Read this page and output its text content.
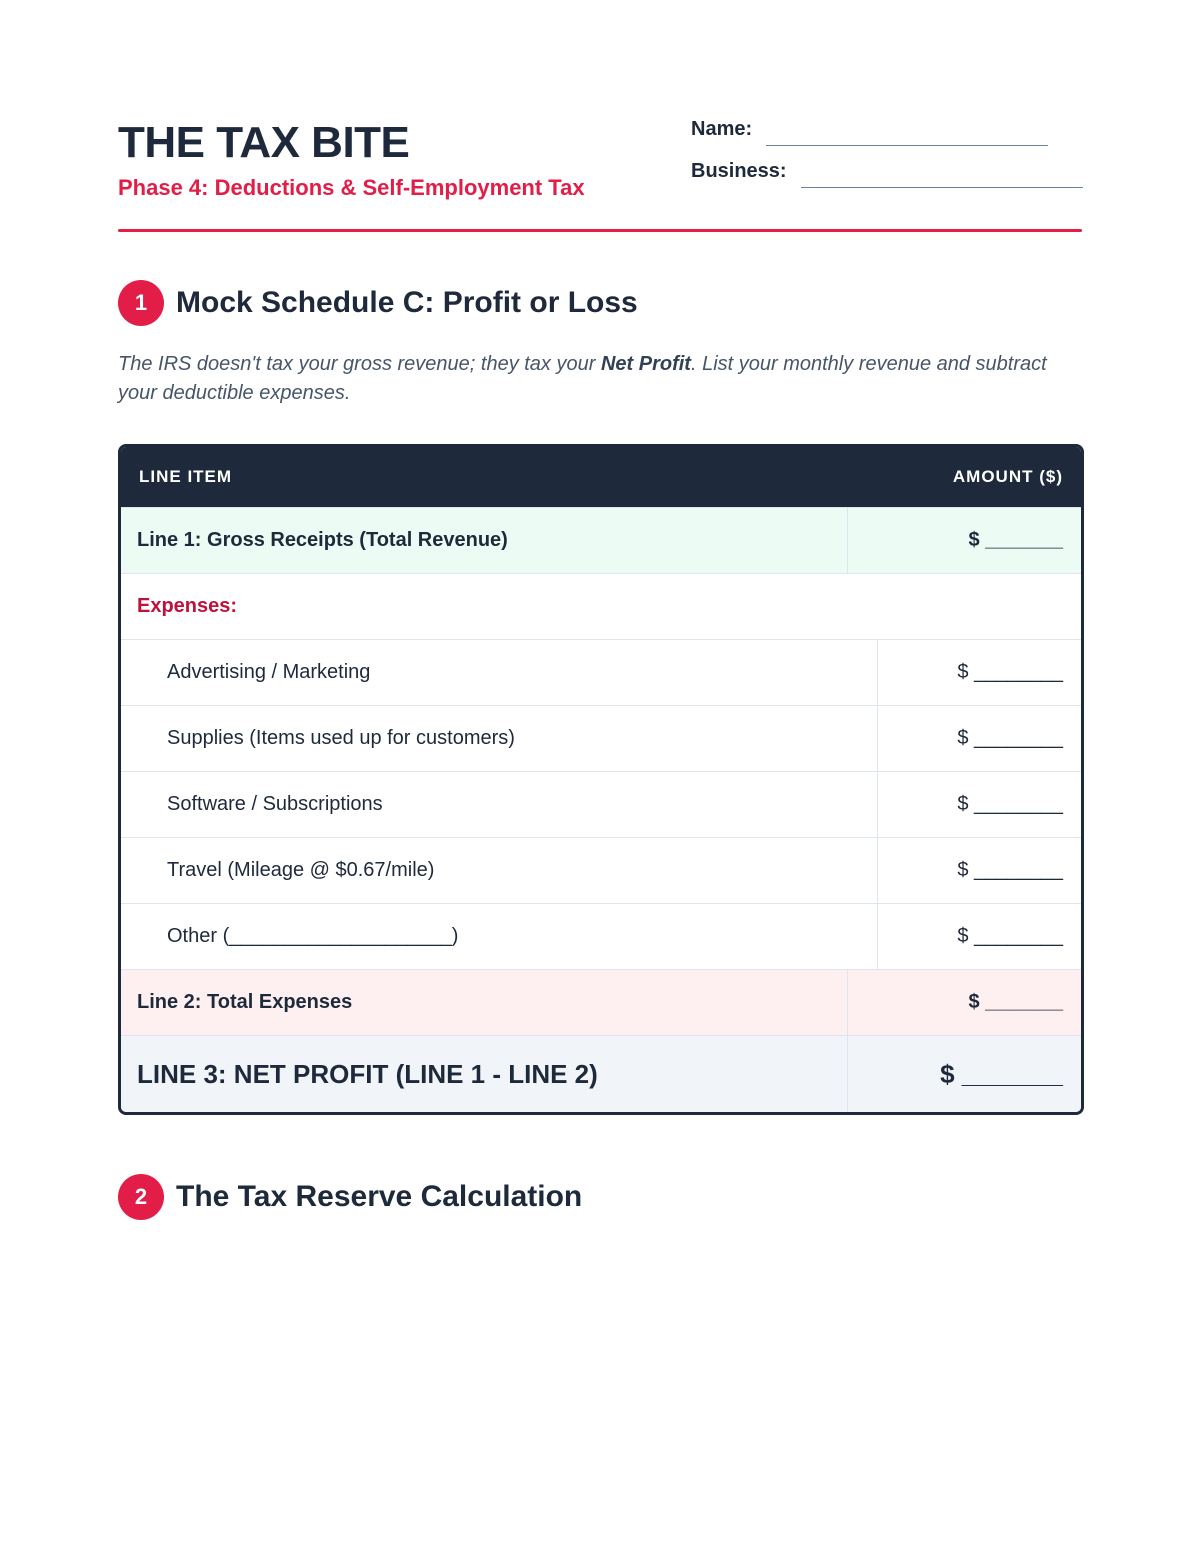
THE TAX BITE

Phase 4: Deductions & Self-Employment Tax

Name:
Business:
1 Mock Schedule C: Profit or Loss

The IRS doesn't tax your gross revenue; they tax your Net Profit. List your monthly revenue and subtract your deductible expenses.

LINE ITEM	AMOUNT ($)
Line 1: Gross Receipts (Total Revenue)	$ _______
Expenses:
Advertising / Marketing	$ ________
Supplies (Items used up for customers)	$ ________
Software / Subscriptions	$ ________
Travel (Mileage @ $0.67/mile)	$ ________
Other (____________________)	$ ________
Line 2: Total Expenses	$ _______
LINE 3: NET PROFIT (LINE 1 - LINE 2)	$ _______
2 The Tax Reserve Calculation
